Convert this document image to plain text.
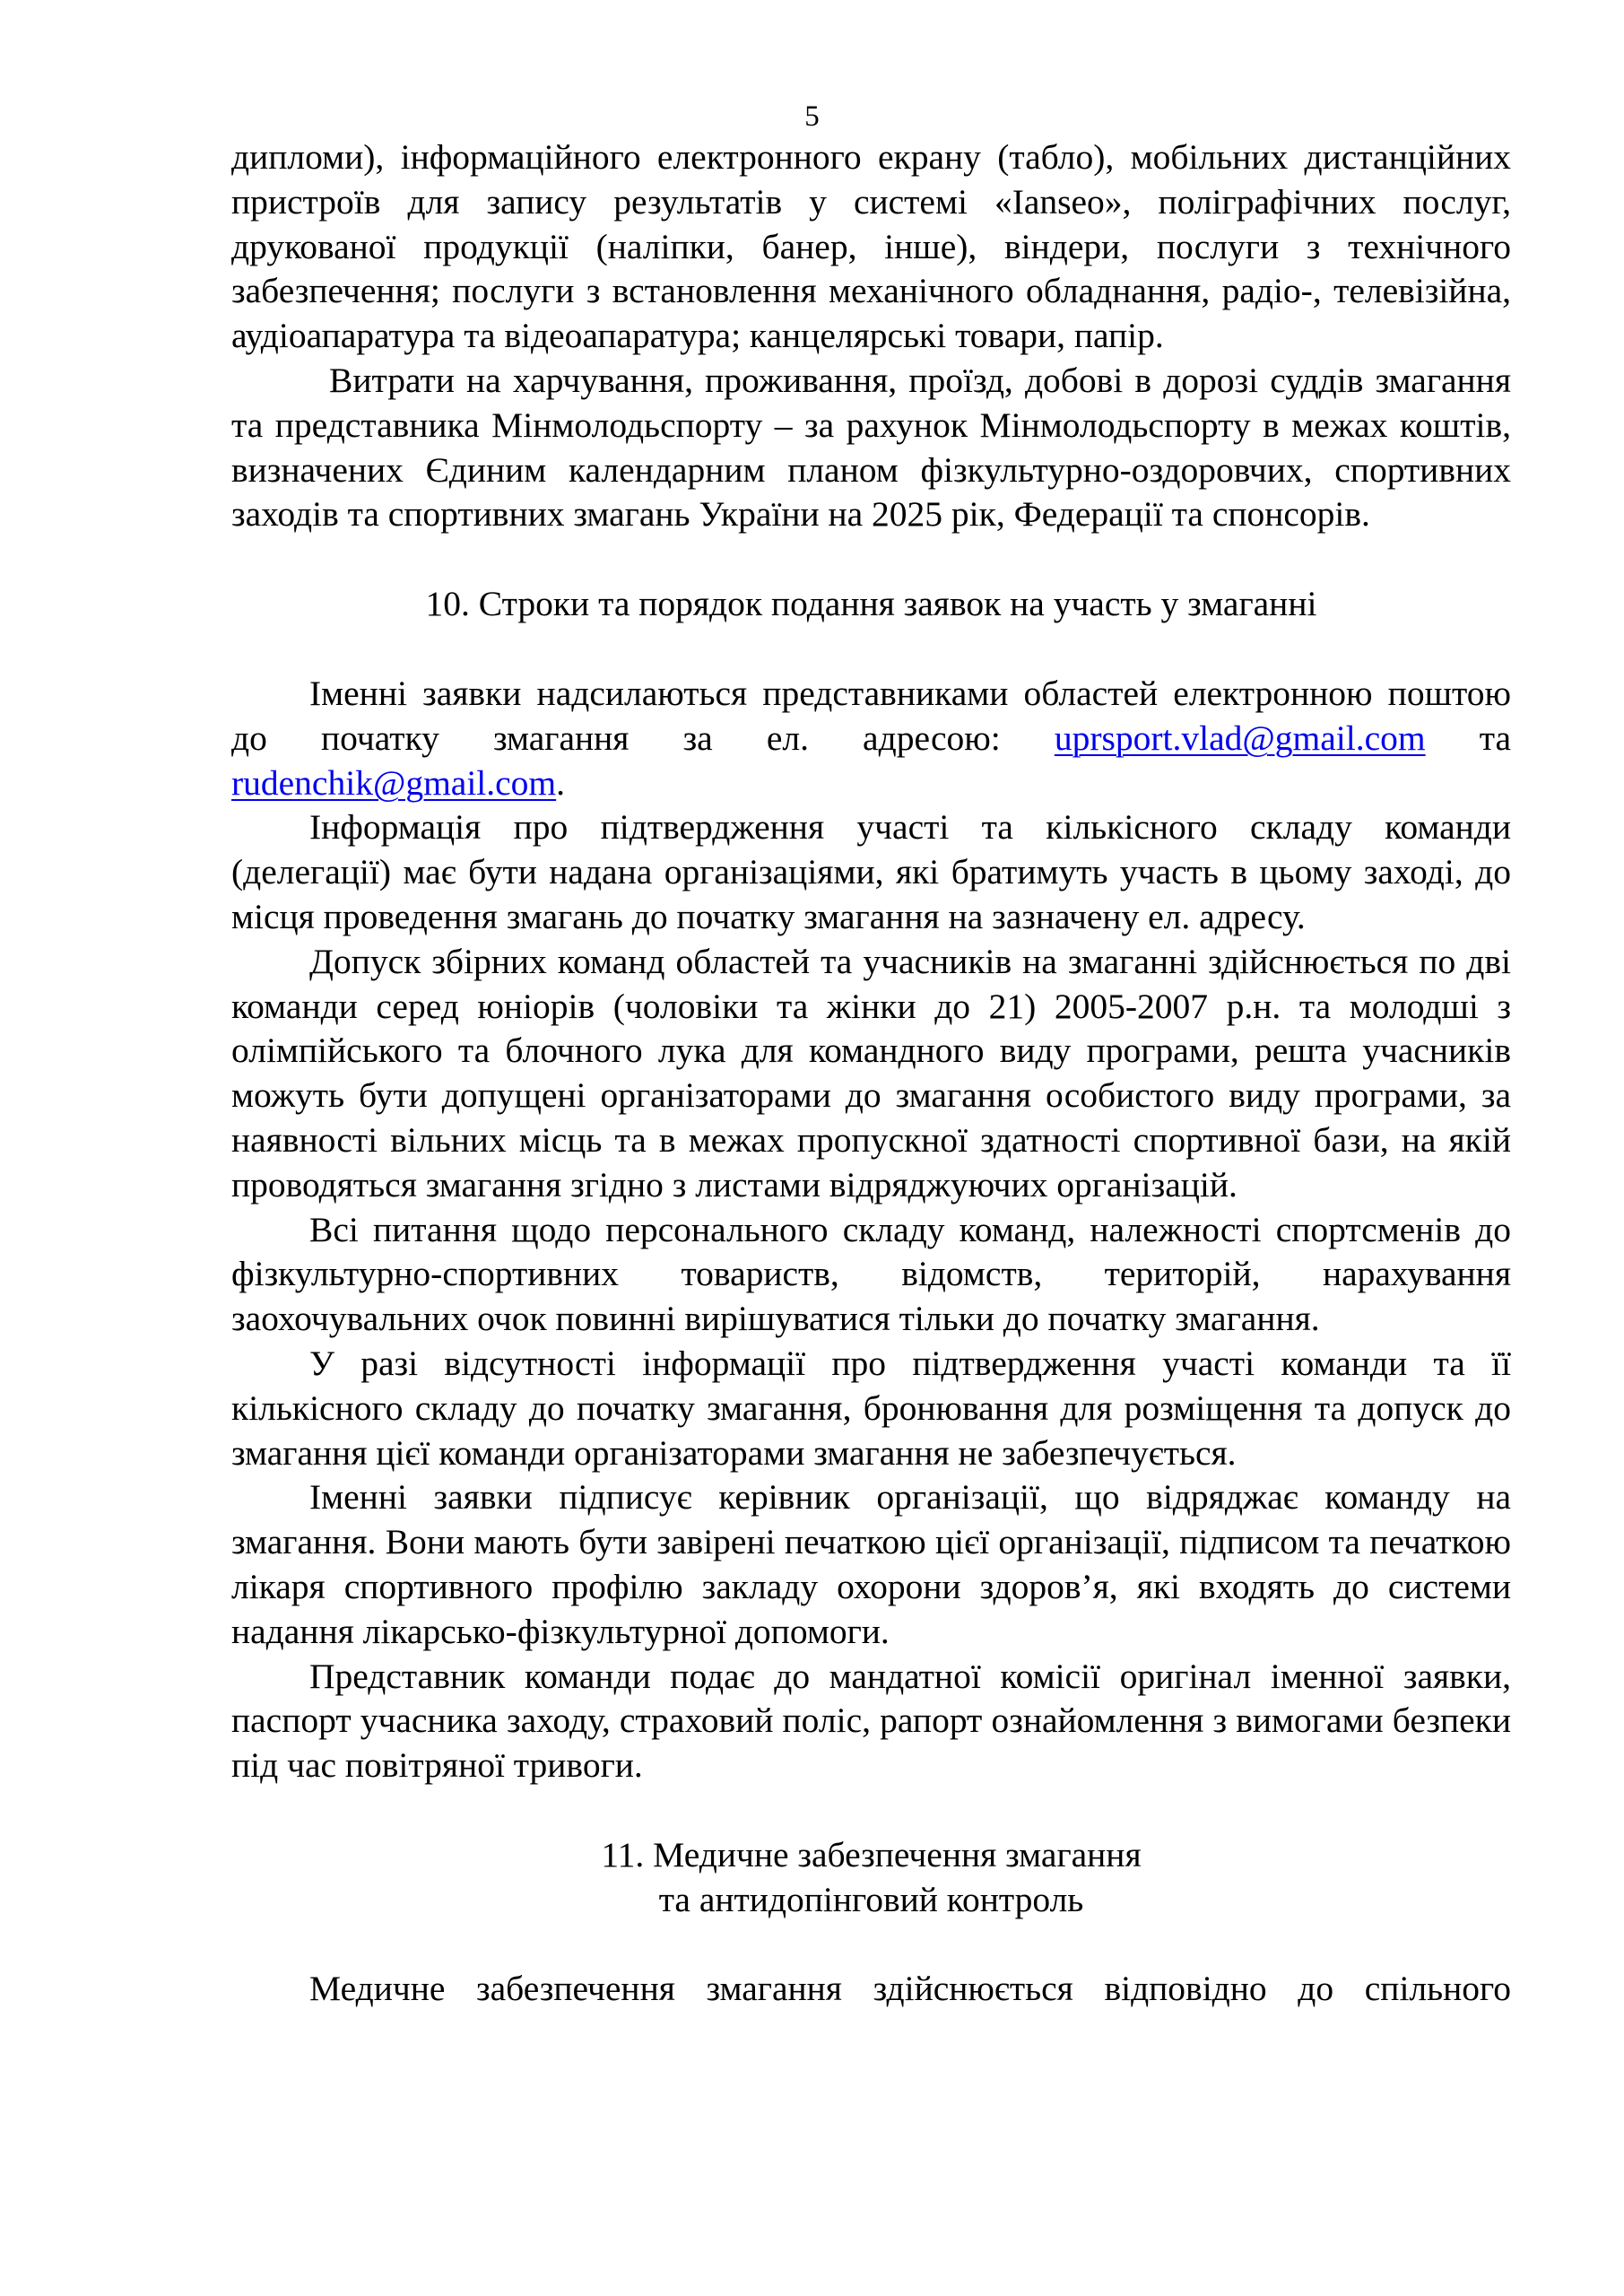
5

дипломи), інформаційного електронного екрану (табло), мобільних дистанційних пристроїв для запису результатів у системі «Ianseo», поліграфічних послуг, друкованої продукції (наліпки, банер, інше), віндери, послуги з технічного забезпечення; послуги з встановлення механічного обладнання, радіо-, телевізійна, аудіоапаратура та відеоапаратура; канцелярські товари, папір.

Витрати на харчування, проживання, проїзд, добові в дорозі суддів змагання та представника Мінмолодьспорту – за рахунок Мінмолодьспорту в межах коштів, визначених Єдиним календарним планом фізкультурно-оздоровчих, спортивних заходів та спортивних змагань України на 2025 рік, Федерації та спонсорів.

10. Строки та порядок подання заявок на участь у змаганні

Іменні заявки надсилаються представниками областей електронною поштою до початку змагання за ел. адресою: uprsport.vlad@gmail.com та rudenchik@gmail.com.

Інформація про підтвердження участі та кількісного складу команди (делегації) має бути надана організаціями, які братимуть участь в цьому заході, до місця проведення змагань до початку змагання на зазначену ел. адресу.

Допуск збірних команд областей та учасників на змаганні здійснюється по дві команди серед юніорів (чоловіки та жінки до 21) 2005-2007 р.н. та молодші з олімпійського та блочного лука для командного виду програми, решта учасників можуть бути допущені організаторами до змагання особистого виду програми, за наявності вільних місць та в межах пропускної здатності спортивної бази, на якій проводяться змагання згідно з листами відряджуючих організацій.

Всі питання щодо персонального складу команд, належності спортсменів до фізкультурно-спортивних товариств, відомств, територій, нарахування заохочувальних очок повинні вирішуватися тільки до початку змагання.

У разі відсутності інформації про підтвердження участі команди та її кількісного складу до початку змагання, бронювання для розміщення та допуск до змагання цієї команди організаторами змагання не забезпечується.

Іменні заявки підписує керівник організації, що відряджає команду на змагання. Вони мають бути завірені печаткою цієї організації, підписом та печаткою лікаря спортивного профілю закладу охорони здоров’я, які входять до системи надання лікарсько-фізкультурної допомоги.

Представник команди подає до мандатної комісії оригінал іменної заявки, паспорт учасника заходу, страховий поліс, рапорт ознайомлення з вимогами безпеки під час повітряної тривоги.

11. Медичне забезпечення змагання

та антидопінговий контроль

Медичне забезпечення змагання здійснюється відповідно до спільного
